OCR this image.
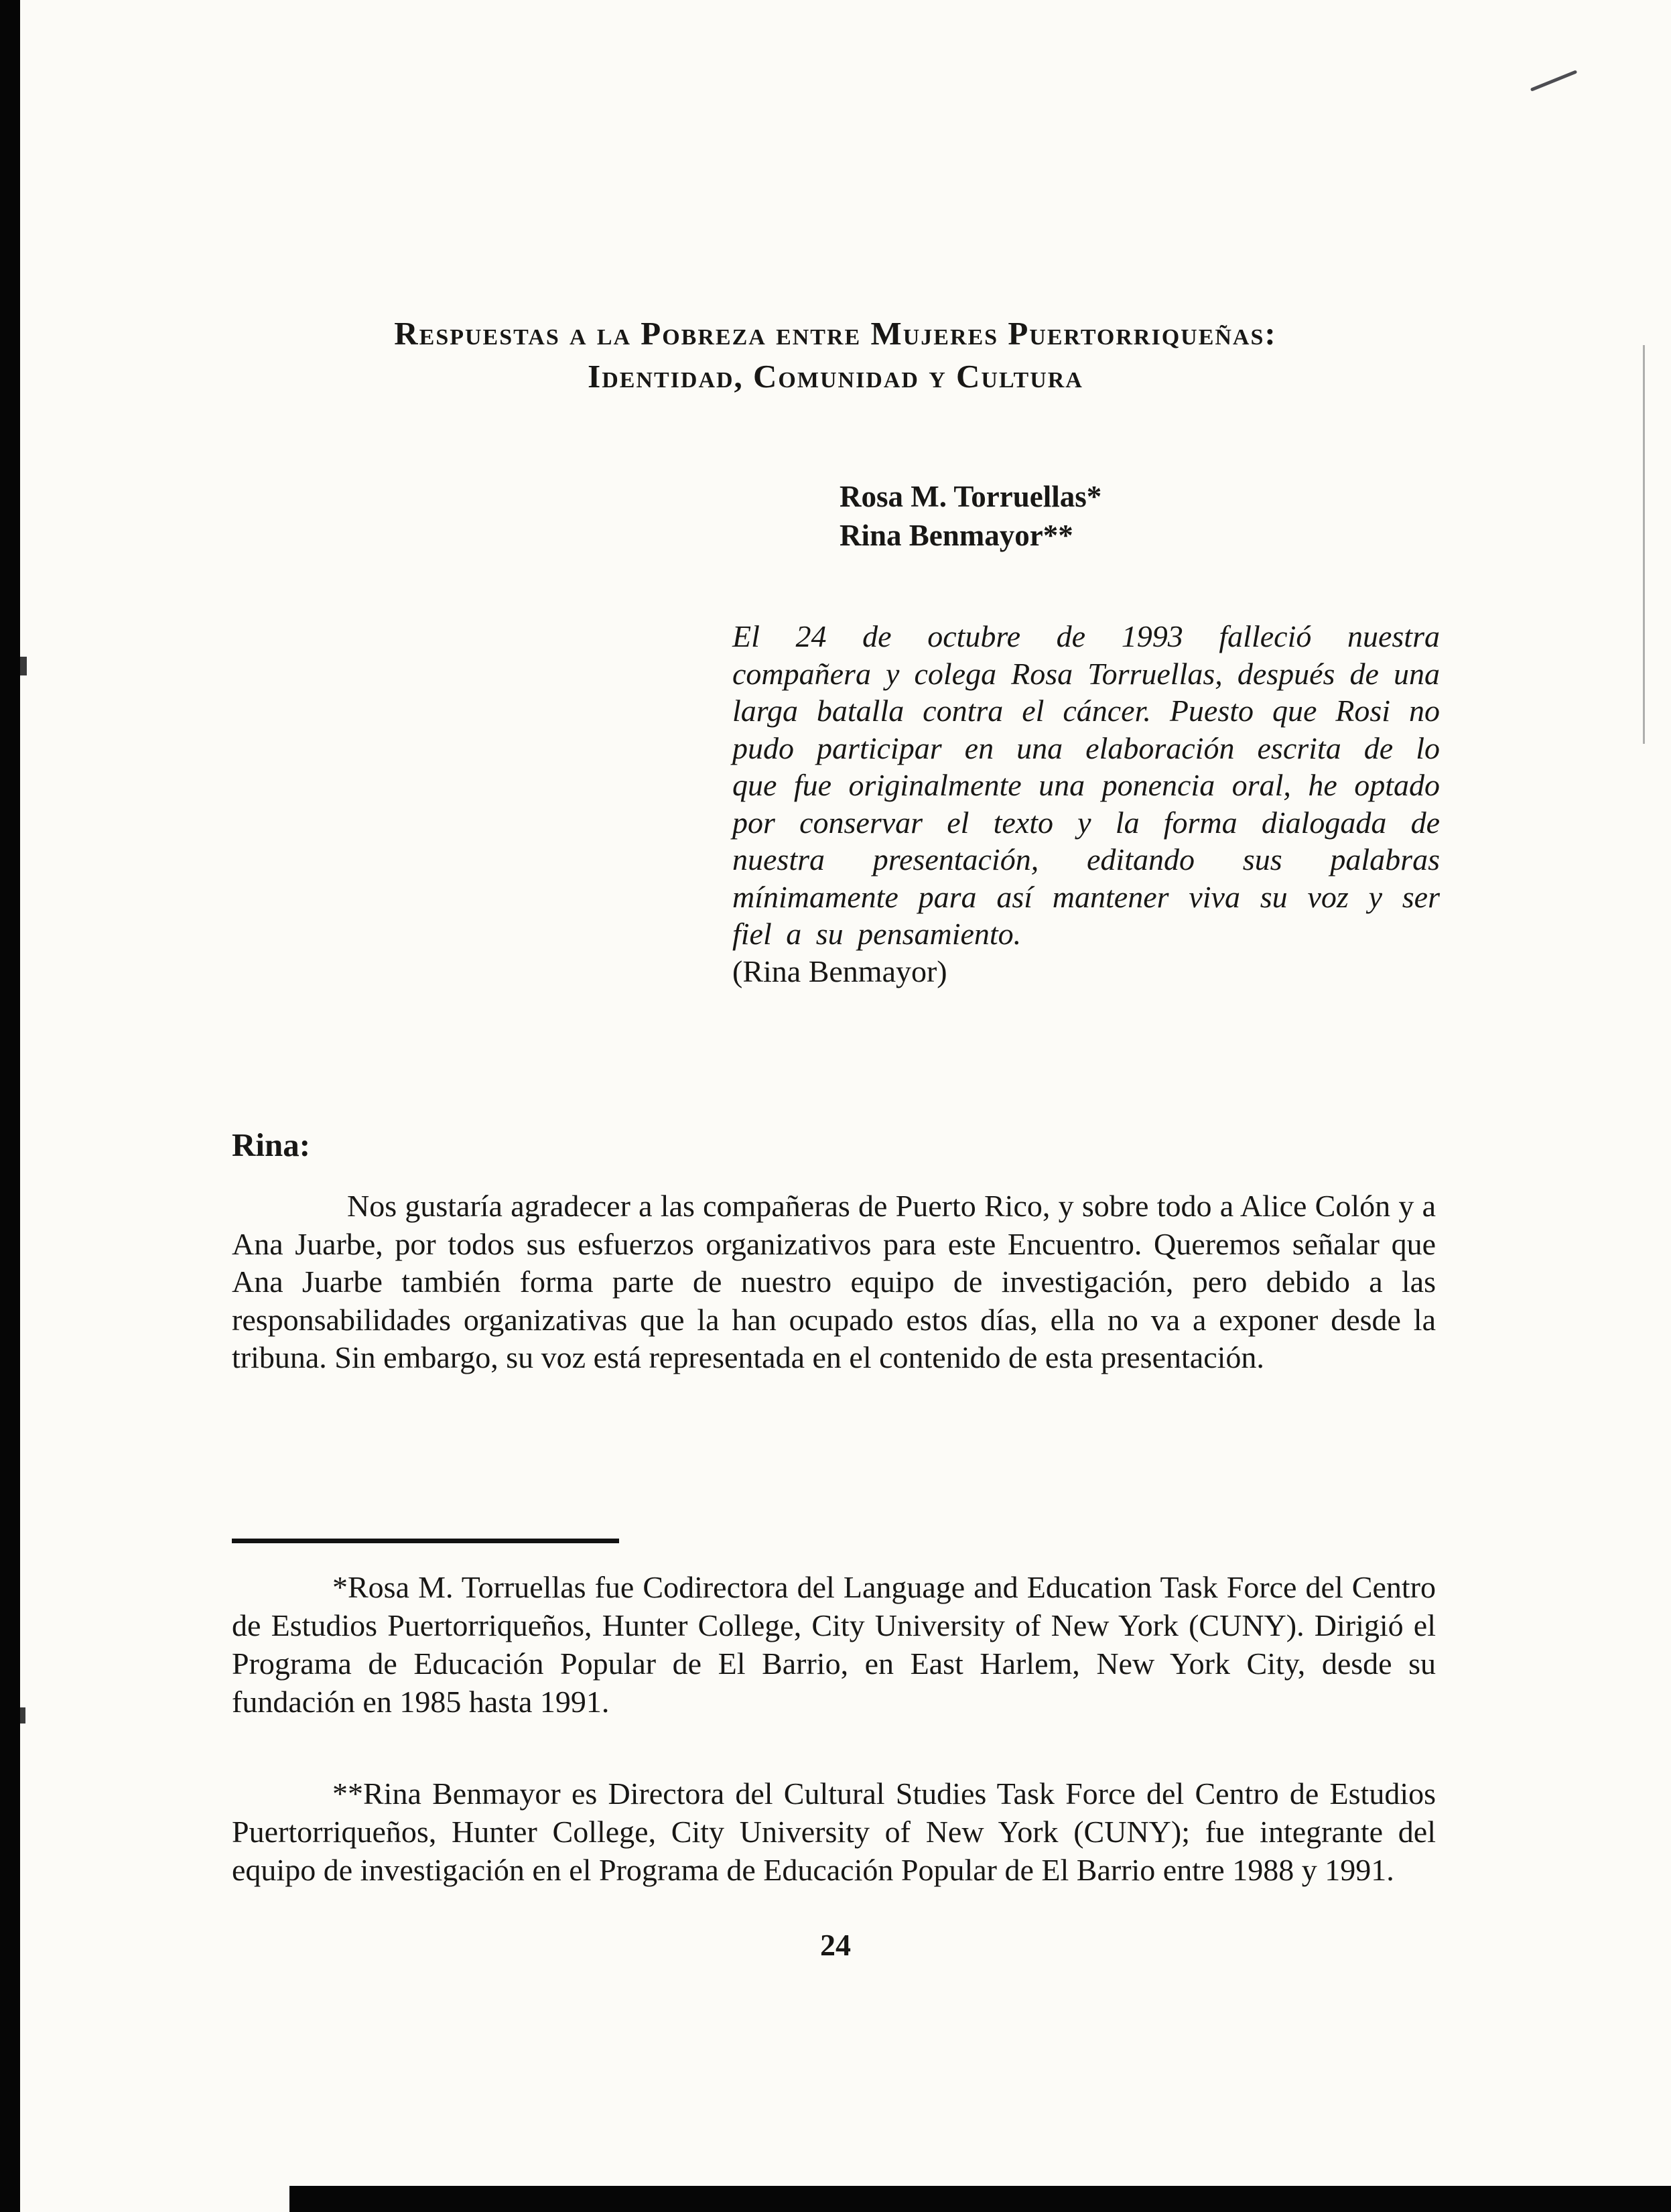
Respuestas a la Pobreza entre Mujeres Puertorriqueñas:
Identidad, Comunidad y Cultura
Rosa M. Torruellas*
Rina Benmayor**

El 24 de octubre de 1993 falleció nuestra compañera y colega Rosa Torruellas, después de una larga batalla contra el cáncer. Puesto que Rosi no pudo participar en una elaboración escrita de lo que fue originalmente una ponencia oral, he optado por conservar el texto y la forma dialogada de nuestra presentación, editando sus palabras mínimamente para así mantener viva su voz y ser fiel a su pensamiento.

(Rina Benmayor)

Rina:

Nos gustaría agradecer a las compañeras de Puerto Rico, y sobre todo a Alice Colón y a Ana Juarbe, por todos sus esfuerzos organizativos para este Encuentro. Queremos señalar que Ana Juarbe también forma parte de nuestro equipo de investigación, pero debido a las responsabilidades organizativas que la han ocupado estos días, ella no va a exponer desde la tribuna. Sin embargo, su voz está representada en el contenido de esta presentación.

*Rosa M. Torruellas fue Codirectora del Language and Education Task Force del Centro de Estudios Puertorriqueños, Hunter College, City University of New York (CUNY). Dirigió el Programa de Educación Popular de El Barrio, en East Harlem, New York City, desde su fundación en 1985 hasta 1991.

**Rina Benmayor es Directora del Cultural Studies Task Force del Centro de Estudios Puertorriqueños, Hunter College, City University of New York (CUNY); fue integrante del equipo de investigación en el Programa de Educación Popular de El Barrio entre 1988 y 1991.

24
